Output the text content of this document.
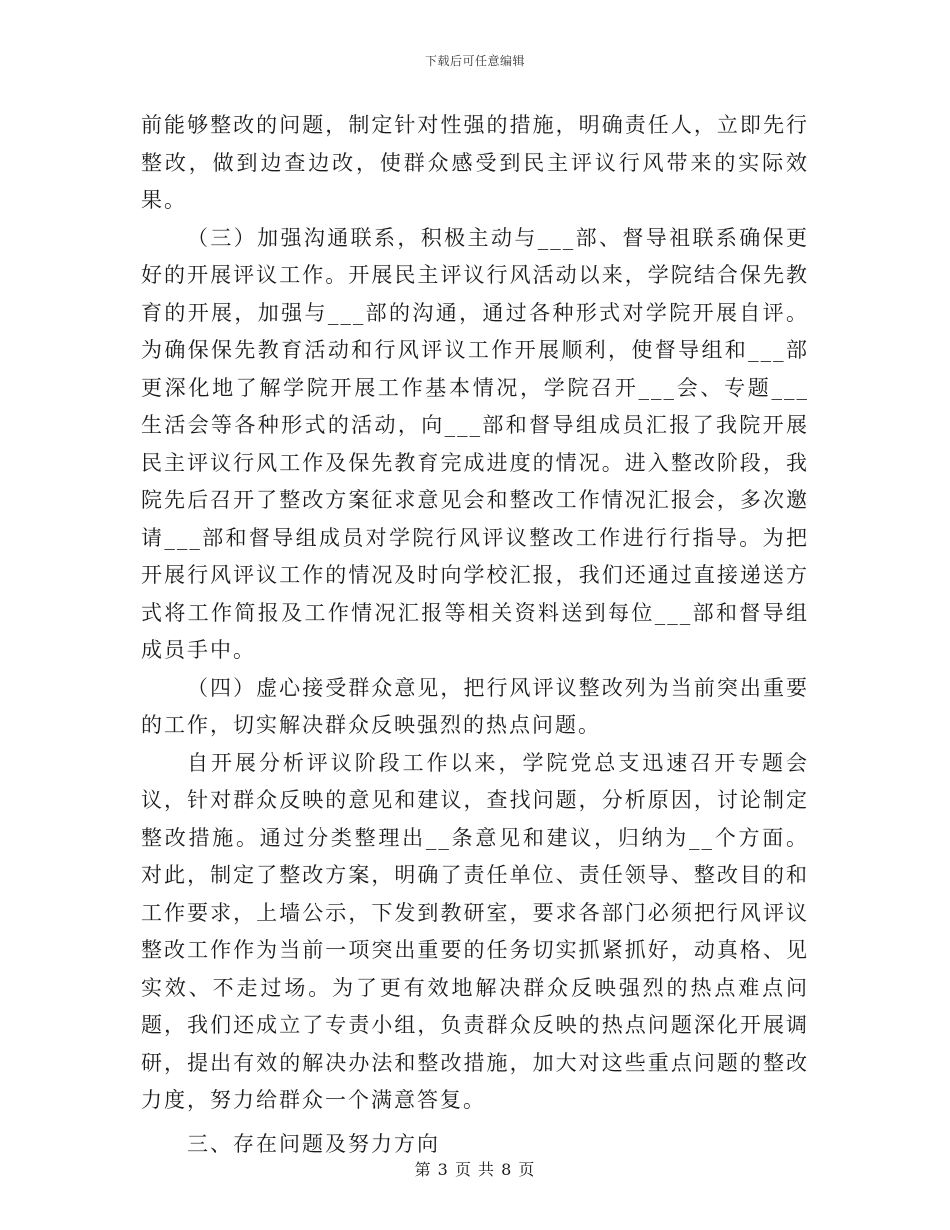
下载后可任意编辑

前能够整改的问题，制定针对性强的措施，明确责任人，立即先行整改，做到边查边改，使群众感受到民主评议行风带来的实际效果。

（三）加强沟通联系，积极主动与___部、督导祖联系确保更好的开展评议工作。开展民主评议行风活动以来，学院结合保先教育的开展，加强与___部的沟通，通过各种形式对学院开展自评。为确保保先教育活动和行风评议工作开展顺利，使督导组和___部更深化地了解学院开展工作基本情况，学院召开___会、专题___生活会等各种形式的活动，向___部和督导组成员汇报了我院开展民主评议行风工作及保先教育完成进度的情况。进入整改阶段，我院先后召开了整改方案征求意见会和整改工作情况汇报会，多次邀请___部和督导组成员对学院行风评议整改工作进行行指导。为把开展行风评议工作的情况及时向学校汇报，我们还通过直接递送方式将工作简报及工作情况汇报等相关资料送到每位___部和督导组成员手中。

（四）虚心接受群众意见，把行风评议整改列为当前突出重要的工作，切实解决群众反映强烈的热点问题。

自开展分析评议阶段工作以来，学院党总支迅速召开专题会议，针对群众反映的意见和建议，查找问题，分析原因，讨论制定整改措施。通过分类整理出__条意见和建议，归纳为__个方面。对此，制定了整改方案，明确了责任单位、责任领导、整改目的和工作要求，上墙公示，下发到教研室，要求各部门必须把行风评议整改工作作为当前一项突出重要的任务切实抓紧抓好，动真格、见实效、不走过场。为了更有效地解决群众反映强烈的热点难点问题，我们还成立了专责小组，负责群众反映的热点问题深化开展调研，提出有效的解决办法和整改措施，加大对这些重点问题的整改力度，努力给群众一个满意答复。

三、存在问题及努力方向

第 3 页 共 8 页
